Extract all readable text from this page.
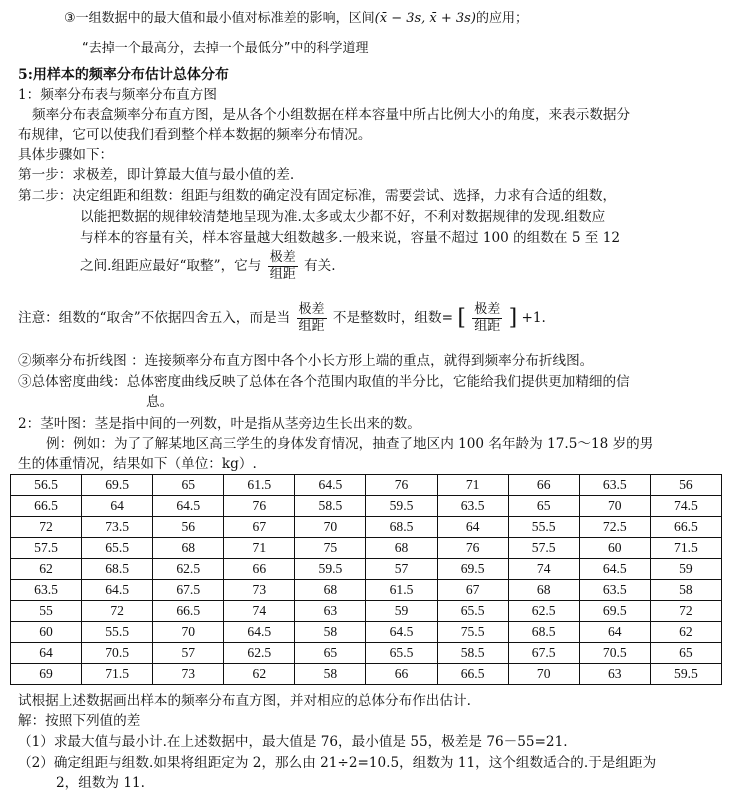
③一组数据中的最大值和最小值对标准差的影响，区间(x̄ − 3s, x̄ + 3s)的应用；
“去掉一个最高分，去掉一个最低分”中的科学道理
5:用样本的频率分布估计总体分布
1：频率分布表与频率分布直方图
频率分布表盒频率分布直方图，是从各个小组数据在样本容量中所占比例大小的角度，来表示数据分
布规律，它可以使我们看到整个样本数据的频率分布情况。
具体步骤如下：
第一步：求极差，即计算最大值与最小值的差.
第二步：决定组距和组数：组距与组数的确定没有固定标准，需要尝试、选择，力求有合适的组数，
以能把数据的规律较清楚地呈现为准.太多或太少都不好，不利对数据规律的发现.组数应
与样本的容量有关，样本容量越大组数越多.一般来说，容量不超过 100 的组数在 5 至 12
之间.组距应最好“取整”，它与 $\frac{\text{极差}}{\text{组距}}$ 有关.
注意：组数的“取舍”不依据四舍五入，而是当 $\frac{\text{极差}}{\text{组距}}$ 不是整数时，组数= [ $\frac{\text{极差}}{\text{组距}}$ ] +1.
②频率分布折线图 ：连接频率分布直方图中各个小长方形上端的重点，就得到频率分布折线图。
③总体密度曲线：总体密度曲线反映了总体在各个范围内取值的半分比，它能给我们提供更加精细的信
息。
2：茎叶图：茎是指中间的一列数，叶是指从茎旁边生长出来的数。
例：例如：为了了解某地区高三学生的身体发育情况，抽查了地区内 100 名年龄为 17.5～18 岁的男
生的体重情况，结果如下（单位：kg）.
56.5	69.5	65	61.5	64.5	76	71	66	63.5	56
66.5	64	64.5	76	58.5	59.5	63.5	65	70	74.5
72	73.5	56	67	70	68.5	64	55.5	72.5	66.5
57.5	65.5	68	71	75	68	76	57.5	60	71.5
62	68.5	62.5	66	59.5	57	69.5	74	64.5	59
63.5	64.5	67.5	73	68	61.5	67	68	63.5	58
55	72	66.5	74	63	59	65.5	62.5	69.5	72
60	55.5	70	64.5	58	64.5	75.5	68.5	64	62
64	70.5	57	62.5	65	65.5	58.5	67.5	70.5	65
69	71.5	73	62	58	66	66.5	70	63	59.5
试根据上述数据画出样本的频率分布直方图，并对相应的总体分布作出估计.
解：按照下列值的差
（1）求最大值与最小计.在上述数据中，最大值是 76，最小值是 55，极差是 76－55=21.
（2）确定组距与组数.如果将组距定为 2，那么由 21÷2=10.5，组数为 11，这个组数适合的.于是组距为
2，组数为 11.
